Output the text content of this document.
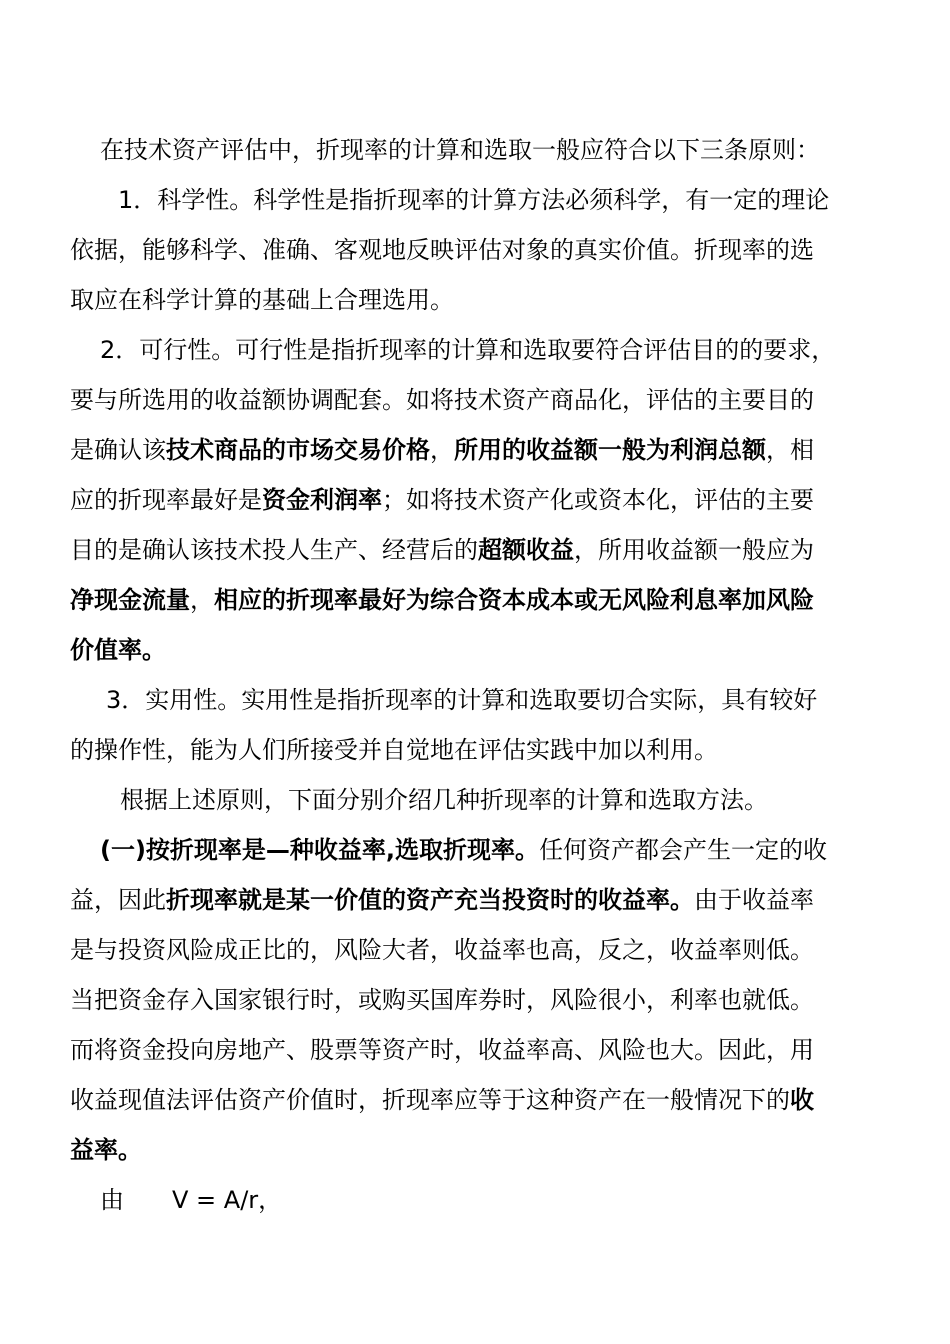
在技术资产评估中，折现率的计算和选取一般应符合以下三条原则：
1．科学性。科学性是指折现率的计算方法必须科学，有一定的理论
依据，能够科学、准确、客观地反映评估对象的真实价值。折现率的选
取应在科学计算的基础上合理选用。
2．可行性。可行性是指折现率的计算和选取要符合评估目的的要求，
要与所选用的收益额协调配套。如将技术资产商品化，评估的主要目的
是确认该技术商品的市场交易价格，所用的收益额一般为利润总额，相
应的折现率最好是资金利润率；如将技术资产化或资本化，评估的主要
目的是确认该技术投人生产、经营后的超额收益，所用收益额一般应为
净现金流量，相应的折现率最好为综合资本成本或无风险利息率加风险
价值率。
3．实用性。实用性是指折现率的计算和选取要切合实际，具有较好
的操作性，能为人们所接受并自觉地在评估实践中加以利用。
根据上述原则，下面分别介绍几种折现率的计算和选取方法。
(一)按折现率是—种收益率,选取折现率。任何资产都会产生一定的收
益，因此折现率就是某一价值的资产充当投资时的收益率。由于收益率
是与投资风险成正比的，风险大者，收益率也高，反之，收益率则低。
当把资金存入国家银行时，或购买国库券时，风险很小，利率也就低。
而将资金投向房地产、股票等资产时，收益率高、风险也大。因此，用
收益现值法评估资产价值时，折现率应等于这种资产在一般情况下的收
益率。
由　　V = A/r，
